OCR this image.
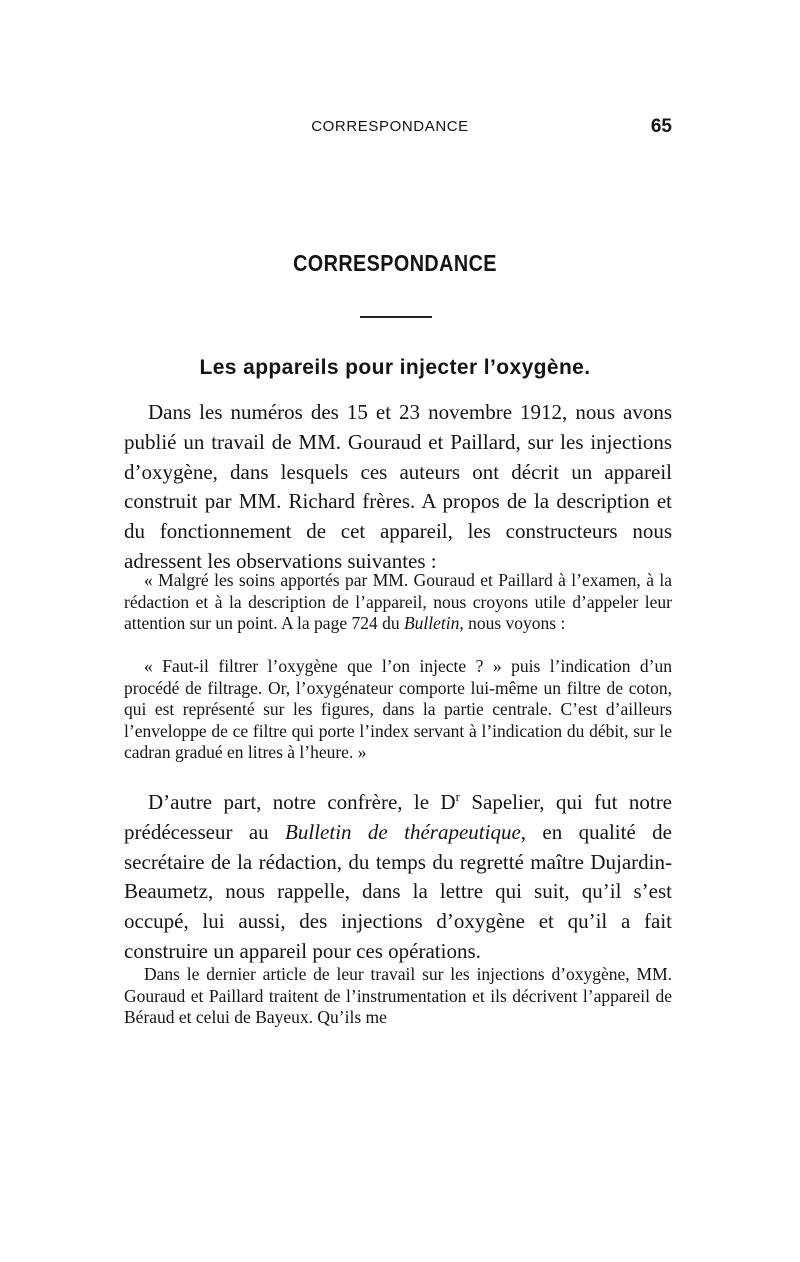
CORRESPONDANCE	65
CORRESPONDANCE
Les appareils pour injecter l’oxygène.

Dans les numéros des 15 et 23 novembre 1912, nous avons publié un travail de MM. Gouraud et Paillard, sur les injections d’oxygène, dans lesquels ces auteurs ont décrit un appareil construit par MM. Richard frères. A propos de la description et du fonctionnement de cet appareil, les constructeurs nous adressent les observations suivantes :

« Malgré les soins apportés par MM. Gouraud et Paillard à l’examen, à la rédaction et à la description de l’appareil, nous croyons utile d’appeler leur attention sur un point. A la page 724 du Bulletin, nous voyons :

« Faut-il filtrer l’oxygène que l’on injecte ? » puis l’indication d’un procédé de filtrage. Or, l’oxygénateur comporte lui-même un filtre de coton, qui est représenté sur les figures, dans la partie centrale. C’est d’ailleurs l’enveloppe de ce filtre qui porte l’index servant à l’indication du débit, sur le cadran gradué en litres à l’heure. »

D’autre part, notre confrère, le $D^r$ Sapelier, qui fut notre prédécesseur au Bulletin de thérapeutique, en qualité de secrétaire de la rédaction, du temps du regretté maître Dujardin-Beaumetz, nous rappelle, dans la lettre qui suit, qu’il s’est occupé, lui aussi, des injections d’oxygène et qu’il a fait construire un appareil pour ces opérations.

Dans le dernier article de leur travail sur les injections d’oxygène, MM. Gouraud et Paillard traitent de l’instrumentation et ils décrivent l’appareil de Béraud et celui de Bayeux. Qu’ils me
